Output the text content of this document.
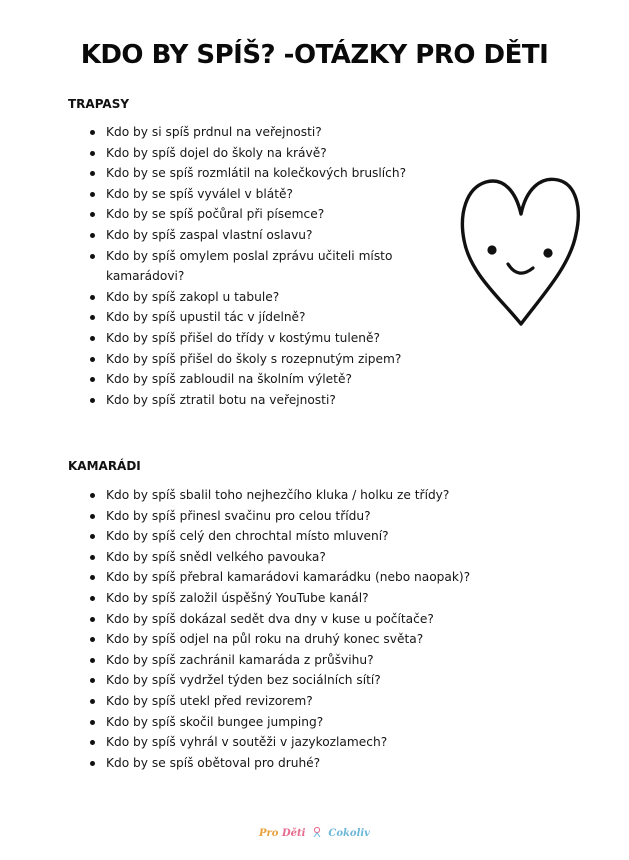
KDO BY SPÍŠ? -OTÁZKY PRO DĚTI
TRAPASY
Kdo by si spíš prdnul na veřejnosti?
Kdo by spíš dojel do školy na krávě?
Kdo by se spíš rozmlátil na kolečkových bruslích?
Kdo by se spíš vyválel v blátě?
Kdo by se spíš počůral při písemce?
Kdo by spíš zaspal vlastní oslavu?
Kdo by spíš omylem poslal zprávu učiteli místo kamarádovi?
Kdo by spíš zakopl u tabule?
Kdo by spíš upustil tác v jídelně?
Kdo by spíš přišel do třídy v kostýmu tuleně?
Kdo by spíš přišel do školy s rozepnutým zipem?
Kdo by spíš zabloudil na školním výletě?
Kdo by spíš ztratil botu na veřejnosti?
KAMARÁDI
Kdo by spíš sbalil toho nejhezčího kluka / holku ze třídy?
Kdo by spíš přinesl svačinu pro celou třídu?
Kdo by spíš celý den chrochtal místo mluvení?
Kdo by spíš snědl velkého pavouka?
Kdo by spíš přebral kamarádovi kamarádku (nebo naopak)?
Kdo by spíš založil úspěšný YouTube kanál?
Kdo by spíš dokázal sedět dva dny v kuse u počítače?
Kdo by spíš odjel na půl roku na druhý konec světa?
Kdo by spíš zachránil kamaráda z průšvihu?
Kdo by spíš vydržel týden bez sociálních sítí?
Kdo by spíš utekl před revizorem?
Kdo by spíš skočil bungee jumping?
Kdo by spíš vyhrál v soutěži v jazykozlamech?
Kdo by se spíš obětoval pro druhé?
Pro Děti Cokoliv
